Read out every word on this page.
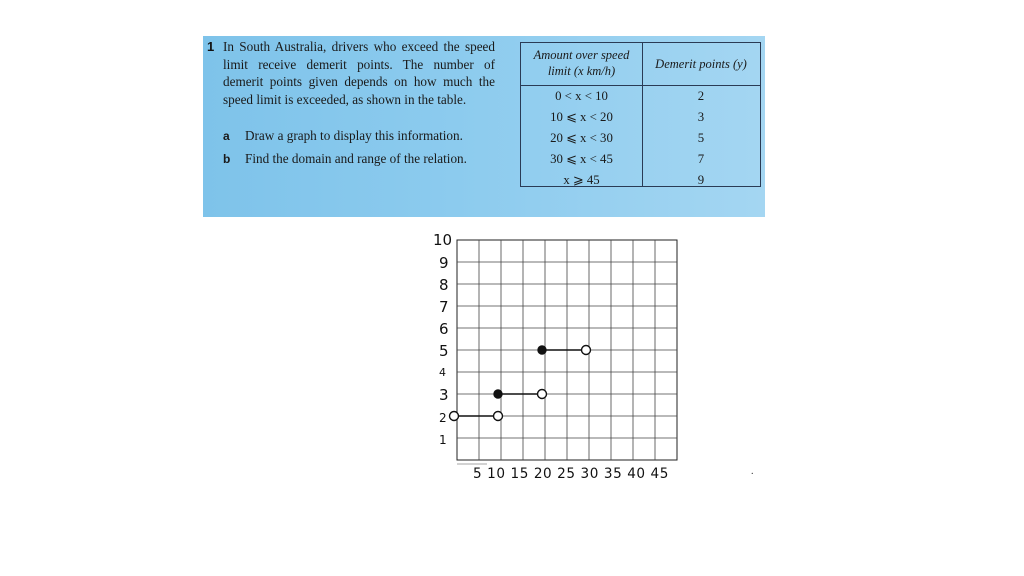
1 In South Australia, drivers who exceed the speed limit receive demerit points. The number of demerit points given depends on how much the speed limit is exceeded, as shown in the table.
a Draw a graph to display this information.
b Find the domain and range of the relation.
Amount over speed
limit (x km/h)	Demerit points (y)
0 < x < 10	2
10 ⩽ x < 20	3
20 ⩽ x < 30	5
30 ⩽ x < 45	7
x ⩾ 45	9
10
9
8
7
6
5
4
3
2
1
5 10 15 20 25 30 35 40 45	.
